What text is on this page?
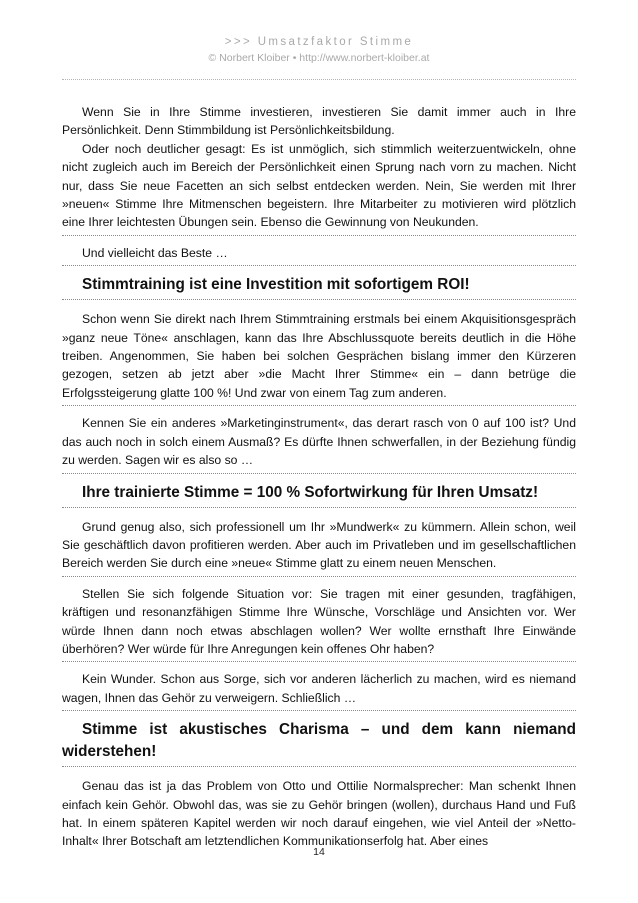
>>> Umsatzfaktor Stimme
© Norbert Kloiber • http://www.norbert-kloiber.at

Wenn Sie in Ihre Stimme investieren, investieren Sie damit immer auch in Ihre Persönlichkeit. Denn Stimmbildung ist Persönlichkeitsbildung.

Oder noch deutlicher gesagt: Es ist unmöglich, sich stimmlich weiterzuentwickeln, ohne nicht zugleich auch im Bereich der Persönlichkeit einen Sprung nach vorn zu machen. Nicht nur, dass Sie neue Facetten an sich selbst entdecken werden. Nein, Sie werden mit Ihrer »neuen« Stimme Ihre Mitmenschen begeistern. Ihre Mitarbeiter zu motivieren wird plötzlich eine Ihrer leichtesten Übungen sein. Ebenso die Gewinnung von Neukunden.

Und vielleicht das Beste …

Stimmtraining ist eine Investition mit sofortigem ROI!

Schon wenn Sie direkt nach Ihrem Stimmtraining erstmals bei einem Akquisitionsgespräch »ganz neue Töne« anschlagen, kann das Ihre Abschlussquote bereits deutlich in die Höhe treiben. Angenommen, Sie haben bei solchen Gesprächen bislang immer den Kürzeren gezogen, setzen ab jetzt aber »die Macht Ihrer Stimme« ein – dann betrüge die Erfolgssteigerung glatte 100 %! Und zwar von einem Tag zum anderen.

Kennen Sie ein anderes »Marketinginstrument«, das derart rasch von 0 auf 100 ist? Und das auch noch in solch einem Ausmaß? Es dürfte Ihnen schwerfallen, in der Beziehung fündig zu werden. Sagen wir es also so …

Ihre trainierte Stimme = 100 % Sofortwirkung für Ihren Umsatz!

Grund genug also, sich professionell um Ihr »Mundwerk« zu kümmern. Allein schon, weil Sie geschäftlich davon profitieren werden. Aber auch im Privatleben und im gesellschaftlichen Bereich werden Sie durch eine »neue« Stimme glatt zu einem neuen Menschen.

Stellen Sie sich folgende Situation vor: Sie tragen mit einer gesunden, tragfähigen, kräftigen und resonanzfähigen Stimme Ihre Wünsche, Vorschläge und Ansichten vor. Wer würde Ihnen dann noch etwas abschlagen wollen? Wer wollte ernsthaft Ihre Einwände überhören? Wer würde für Ihre Anregungen kein offenes Ohr haben?

Kein Wunder. Schon aus Sorge, sich vor anderen lächerlich zu machen, wird es niemand wagen, Ihnen das Gehör zu verweigern. Schließlich …

Stimme ist akustisches Charisma – und dem kann niemand widerstehen!

Genau das ist ja das Problem von Otto und Ottilie Normalsprecher: Man schenkt Ihnen einfach kein Gehör. Obwohl das, was sie zu Gehör bringen (wollen), durchaus Hand und Fuß hat. In einem späteren Kapitel werden wir noch darauf eingehen, wie viel Anteil der »Netto-Inhalt« Ihrer Botschaft am letztendlichen Kommunikationserfolg hat. Aber eines

14
